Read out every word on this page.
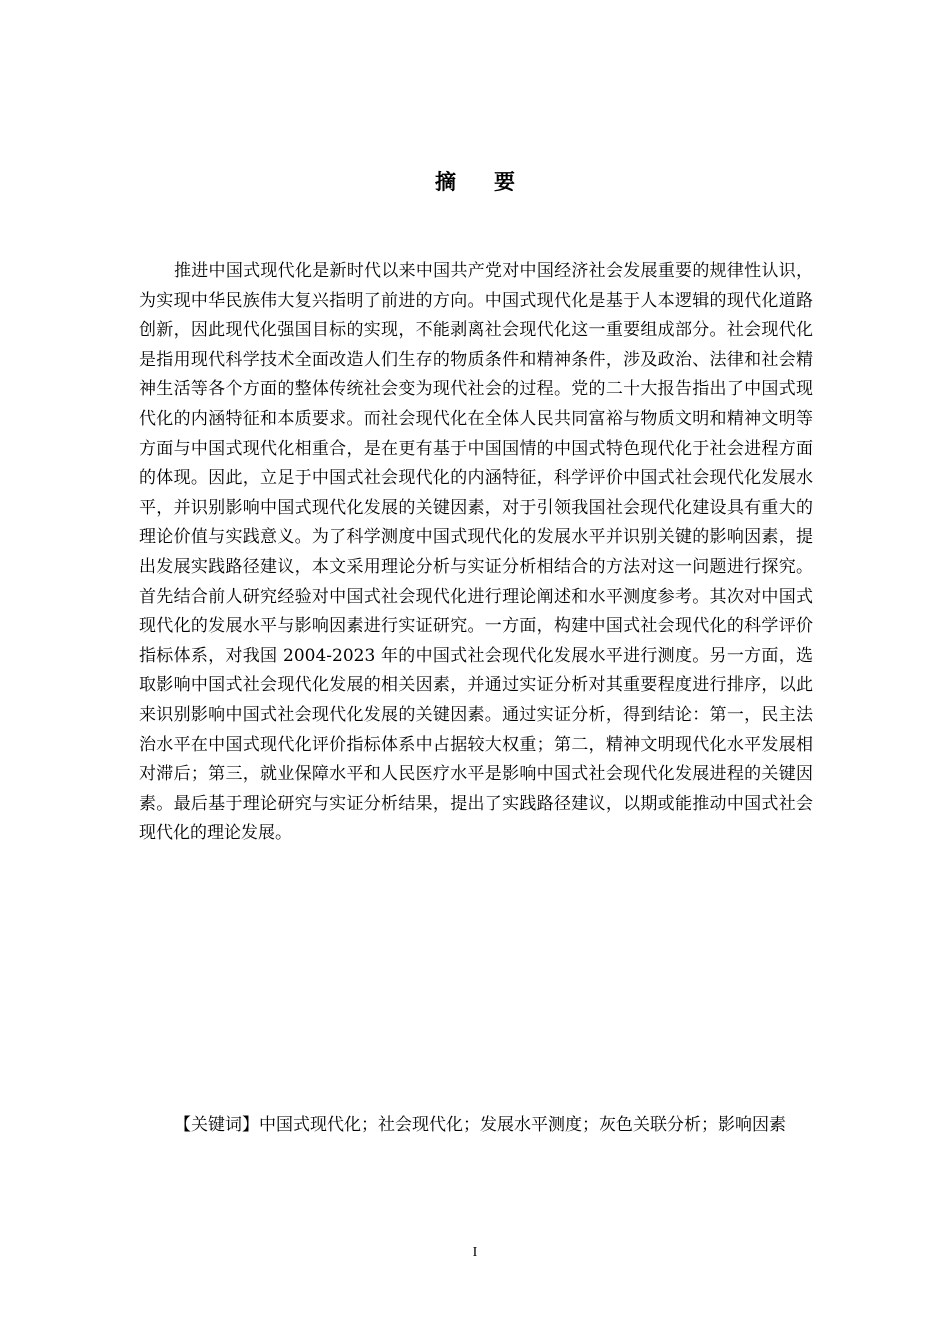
摘要
推进中国式现代化是新时代以来中国共产党对中国经济社会发展重要的规律性认识，为实现中华民族伟大复兴指明了前进的方向。中国式现代化是基于人本逻辑的现代化道路创新，因此现代化强国目标的实现，不能剥离社会现代化这一重要组成部分。社会现代化是指用现代科学技术全面改造人们生存的物质条件和精神条件，涉及政治、法律和社会精神生活等各个方面的整体传统社会变为现代社会的过程。党的二十大报告指出了中国式现代化的内涵特征和本质要求。而社会现代化在全体人民共同富裕与物质文明和精神文明等方面与中国式现代化相重合，是在更有基于中国国情的中国式特色现代化于社会进程方面的体现。因此，立足于中国式社会现代化的内涵特征，科学评价中国式社会现代化发展水平，并识别影响中国式现代化发展的关键因素，对于引领我国社会现代化建设具有重大的理论价值与实践意义。为了科学测度中国式现代化的发展水平并识别关键的影响因素，提出发展实践路径建议，本文采用理论分析与实证分析相结合的方法对这一问题进行探究。首先结合前人研究经验对中国式社会现代化进行理论阐述和水平测度参考。其次对中国式现代化的发展水平与影响因素进行实证研究。一方面，构建中国式社会现代化的科学评价指标体系，对我国 2004-2023 年的中国式社会现代化发展水平进行测度。另一方面，选取影响中国式社会现代化发展的相关因素，并通过实证分析对其重要程度进行排序，以此来识别影响中国式社会现代化发展的关键因素。通过实证分析，得到结论：第一，民主法治水平在中国式现代化评价指标体系中占据较大权重；第二，精神文明现代化水平发展相对滞后；第三，就业保障水平和人民医疗水平是影响中国式社会现代化发展进程的关键因素。最后基于理论研究与实证分析结果，提出了实践路径建议，以期或能推动中国式社会现代化的理论发展。
【关键词】中国式现代化；社会现代化；发展水平测度；灰色关联分析；影响因素
I
